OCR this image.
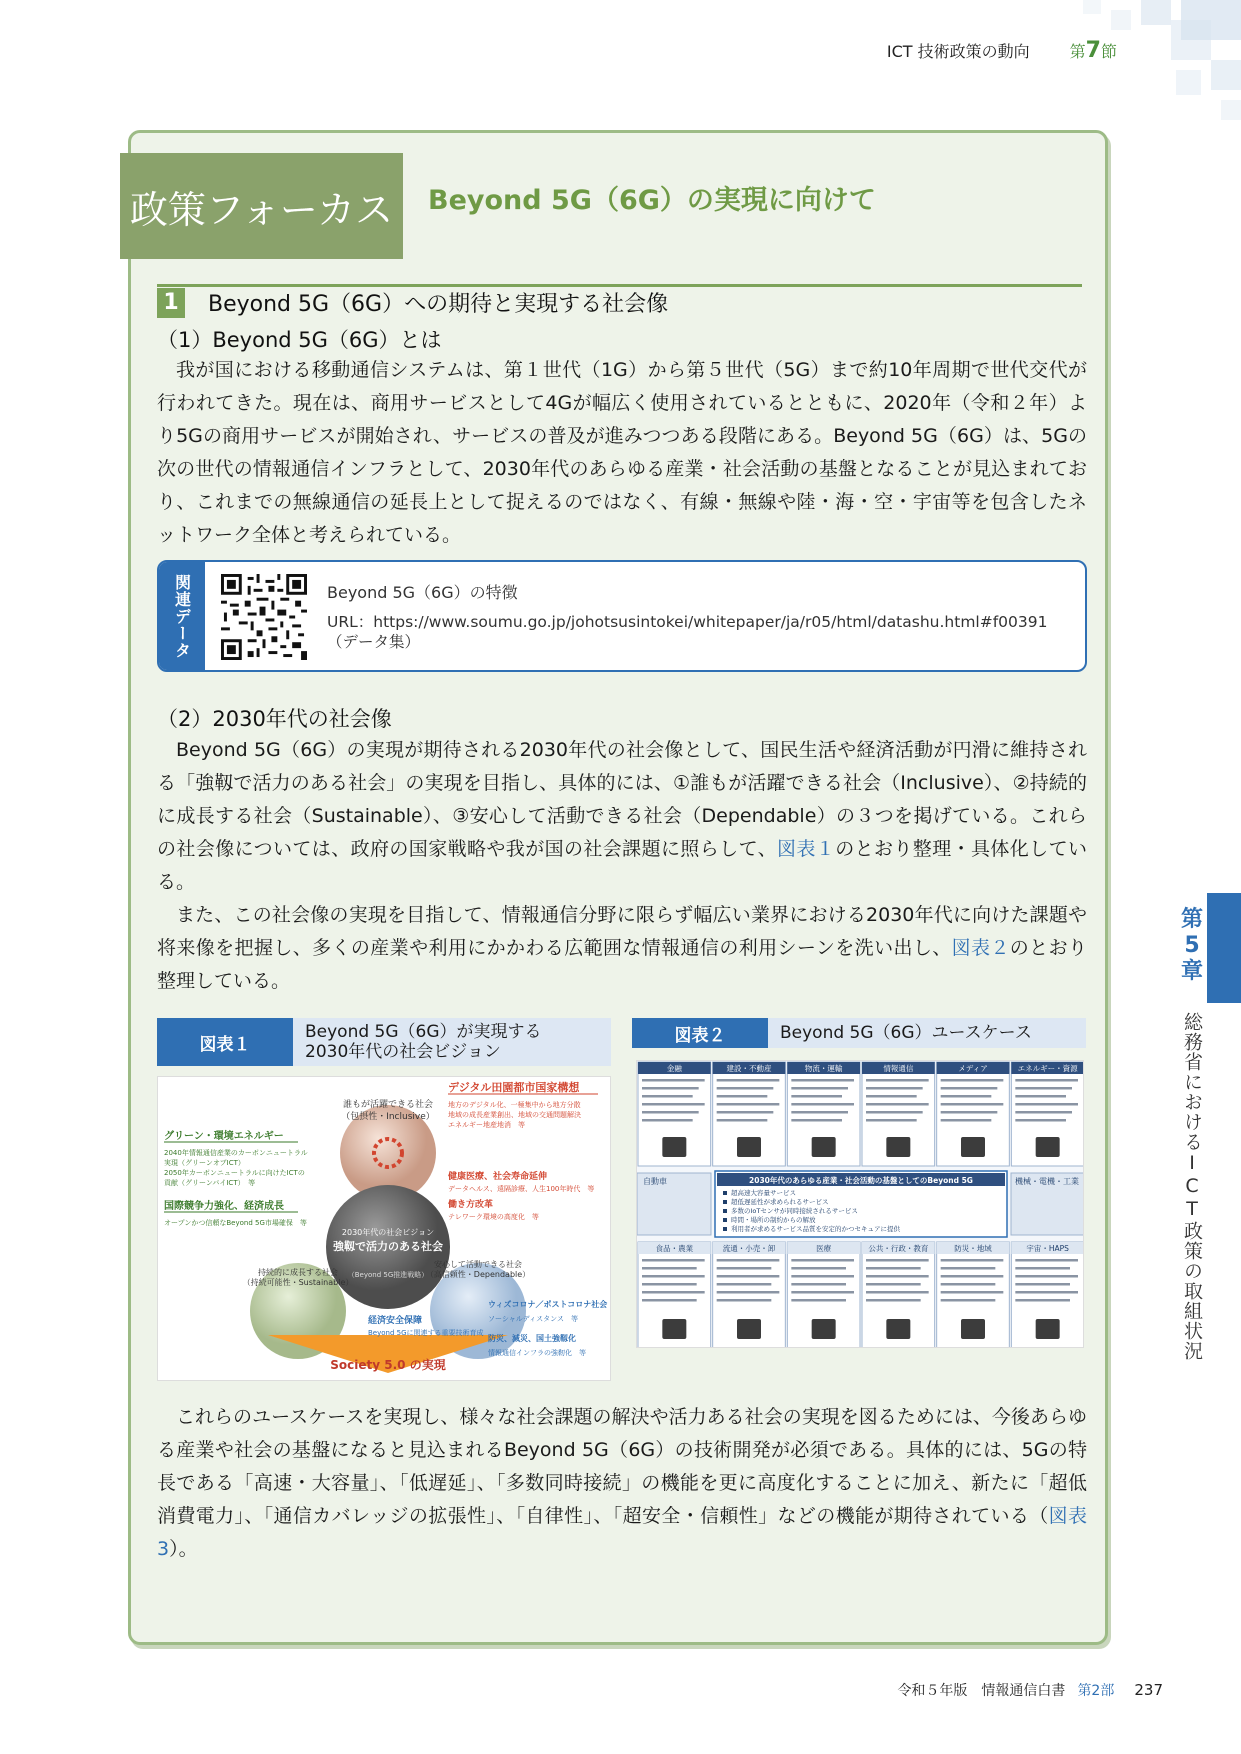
ICT 技術政策の動向	第7節
政策フォーカス	Beyond 5G（6G）の実現に向けて
1 Beyond 5G（6G）への期待と実現する社会像
（1）Beyond 5G（6G）とは

我が国における移動通信システムは、第１世代（1G）から第５世代（5G）まで約10年周期で世代交代が行われてきた。現在は、商用サービスとして4Gが幅広く使用されているとともに、2020年（令和２年）より5Gの商用サービスが開始され、サービスの普及が進みつつある段階にある。Beyond 5G（6G）は、5Gの次の世代の情報通信インフラとして、2030年代のあらゆる産業・社会活動の基盤となることが見込まれており、これまでの無線通信の延長上として捉えるのではなく、有線・無線や陸・海・空・宇宙等を包含したネットワーク全体と考えられている。

関連データ	Beyond 5G（6G）の特徴
URL：https://www.soumu.go.jp/johotsusintokei/whitepaper/ja/r05/html/datashu.html#f00391
（データ集）
（2）2030年代の社会像

Beyond 5G（6G）の実現が期待される2030年代の社会像として、国民生活や経済活動が円滑に維持される「強靱で活力のある社会」の実現を目指し、具体的には、①誰もが活躍できる社会（Inclusive）、②持続的に成長する社会（Sustainable）、③安心して活動できる社会（Dependable）の３つを掲げている。これらの社会像については、政府の国家戦略や我が国の社会課題に照らして、図表１のとおり整理・具体化している。

また、この社会像の実現を目指して、情報通信分野に限らず幅広い業界における2030年代に向けた課題や将来像を把握し、多くの産業や利用にかかわる広範囲な情報通信の利用シーンを洗い出し、図表２のとおり整理している。

図表１
Beyond 5G（6G）が実現する
2030年代の社会ビジョン
誰もが活躍できる社会
（包摂性・Inclusive）
デジタル田園都市国家構想
地方のデジタル化、一極集中から地方分散
地域の成長産業創出、地域の交通問題解決
エネルギー地産地消　等
グリーン・環境エネルギー
2040年情報通信産業のカーボンニュートラル
実現（グリーンオブICT）
2050年カーボンニュートラルに向けたICTの
貢献（グリーンバイICT）　等
国際競争力強化、経済成長
オープンかつ信頼なBeyond 5G市場確保　等
健康医療、社会寿命延伸
データヘルス、遠隔診療、人生100年時代　等
働き方改革
テレワーク環境の高度化　等
2030年代の社会ビジョン
強靱で活力のある社会
（Beyond 5G推進戦略）
持続的に成長する社会
（持続可能性・Sustainable）
安心して活動できる社会
（高信頼性・Dependable）
経済安全保障
Beyond 5Gに関連する重要技術育成
ウィズコロナ／ポストコロナ社会
ソーシャルディスタンス　等
防災、減災、国土強靱化
情報通信インフラの強靭化　等
Society 5.0 の実現
図表２	Beyond 5G（6G）ユースケース
金融	建設・不動産	物流・運輸	情報通信	メディア	エネルギー・資源
食品・農業	流通・小売・卸	医療	公共・行政・教育	防災・地域	宇宙・HAPS
自動車	機械・電機・工業
2030年代のあらゆる産業・社会活動の基盤としてのBeyond 5G
超高速大容量サービス
超低遅延性が求められるサービス
多数のIoTセンサが同時接続されるサービス
時間・場所の制約からの解放
利用者が求めるサービス品質を安定的かつセキュアに提供

これらのユースケースを実現し、様々な社会課題の解決や活力ある社会の実現を図るためには、今後あらゆる産業や社会の基盤になると見込まれるBeyond 5G（6G）の技術開発が必須である。具体的には、5Gの特長である「高速・大容量」、「低遅延」、「多数同時接続」の機能を更に高度化することに加え、新たに「超低消費電力」、「通信カバレッジの拡張性」、「自律性」、「超安全・信頼性」などの機能が期待されている（図表3）。

第
5
章
総務省におけるICT政策の取組状況
令和５年版　情報通信白書 第2部 237
